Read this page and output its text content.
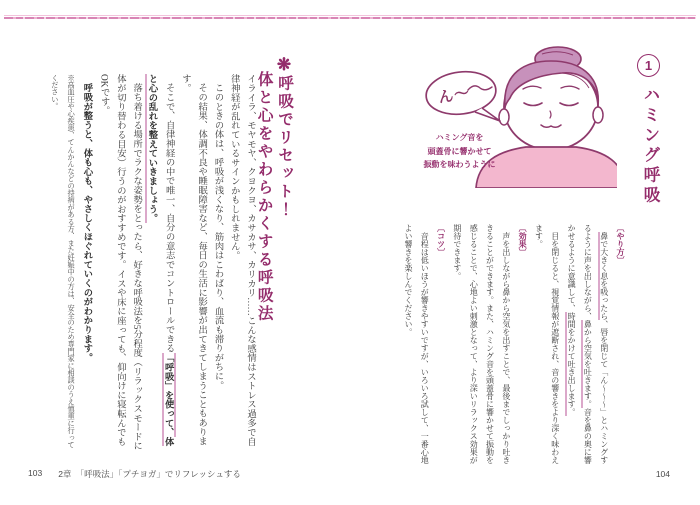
❋呼吸でリセット！
体と心をやわらかくする呼吸法

イライラ、モヤモヤ、クヨクヨ、カサカサ、カリカリ……こんな感情はストレス過多で自律神経が乱れているサインかもしれません。

このときの体は、呼吸が浅くなり、筋肉はこわばり、血流も滞りがちに。

その結果、体調不良や睡眠障害など、毎日の生活に影響が出てきてしまうこともあります。

そこで、自律神経の中で唯一、自分の意志でコントロールできる「呼吸」を使って、体と心の乱れを整えていきましょう。

落ち着ける場所でラクな姿勢をとったら、好きな呼吸法を5分程度（リラックスモードに体が切り替わる目安）行うのがおすすめです。イスや床に座っても、仰向けに寝転んでもOKです。

呼吸が整うと、体も心も、やさしくほぐれていくのがわかります。

※高血圧や心疾患、てんかんなどの持病がある方、また妊娠中の方は、安全のため専門家に相談のうえ慎重に行ってください。

103 2章　「呼吸法」「プチヨガ」でリフレッシュする
1
ハミング呼吸
ん〜
ハミング音を
頭蓋骨に響かせて
振動を味わうように

〔やり方〕

鼻で大きく息を吸ったら、唇を閉じて「ん〜〜〜」とハミングするように声を出しながら、鼻から空気を吐きます。音を鼻の奥に響かせるように意識して、時間をかけて吐き出します。

目を閉じると、視覚情報が遮断され、音の響きをより深く味わえます。

〔効果〕

声を出しながら鼻から空気を出すことで、最後までしっかり吐ききることができます。また、ハミング音を頭蓋骨に響かせて振動を感じることで、心地よい刺激となって、より深いリラックス効果が期待できます。

〔コツ〕

音程は低いほうが響きやすいですが、いろいろ試して、一番心地よい響きを楽しんでください。

104
